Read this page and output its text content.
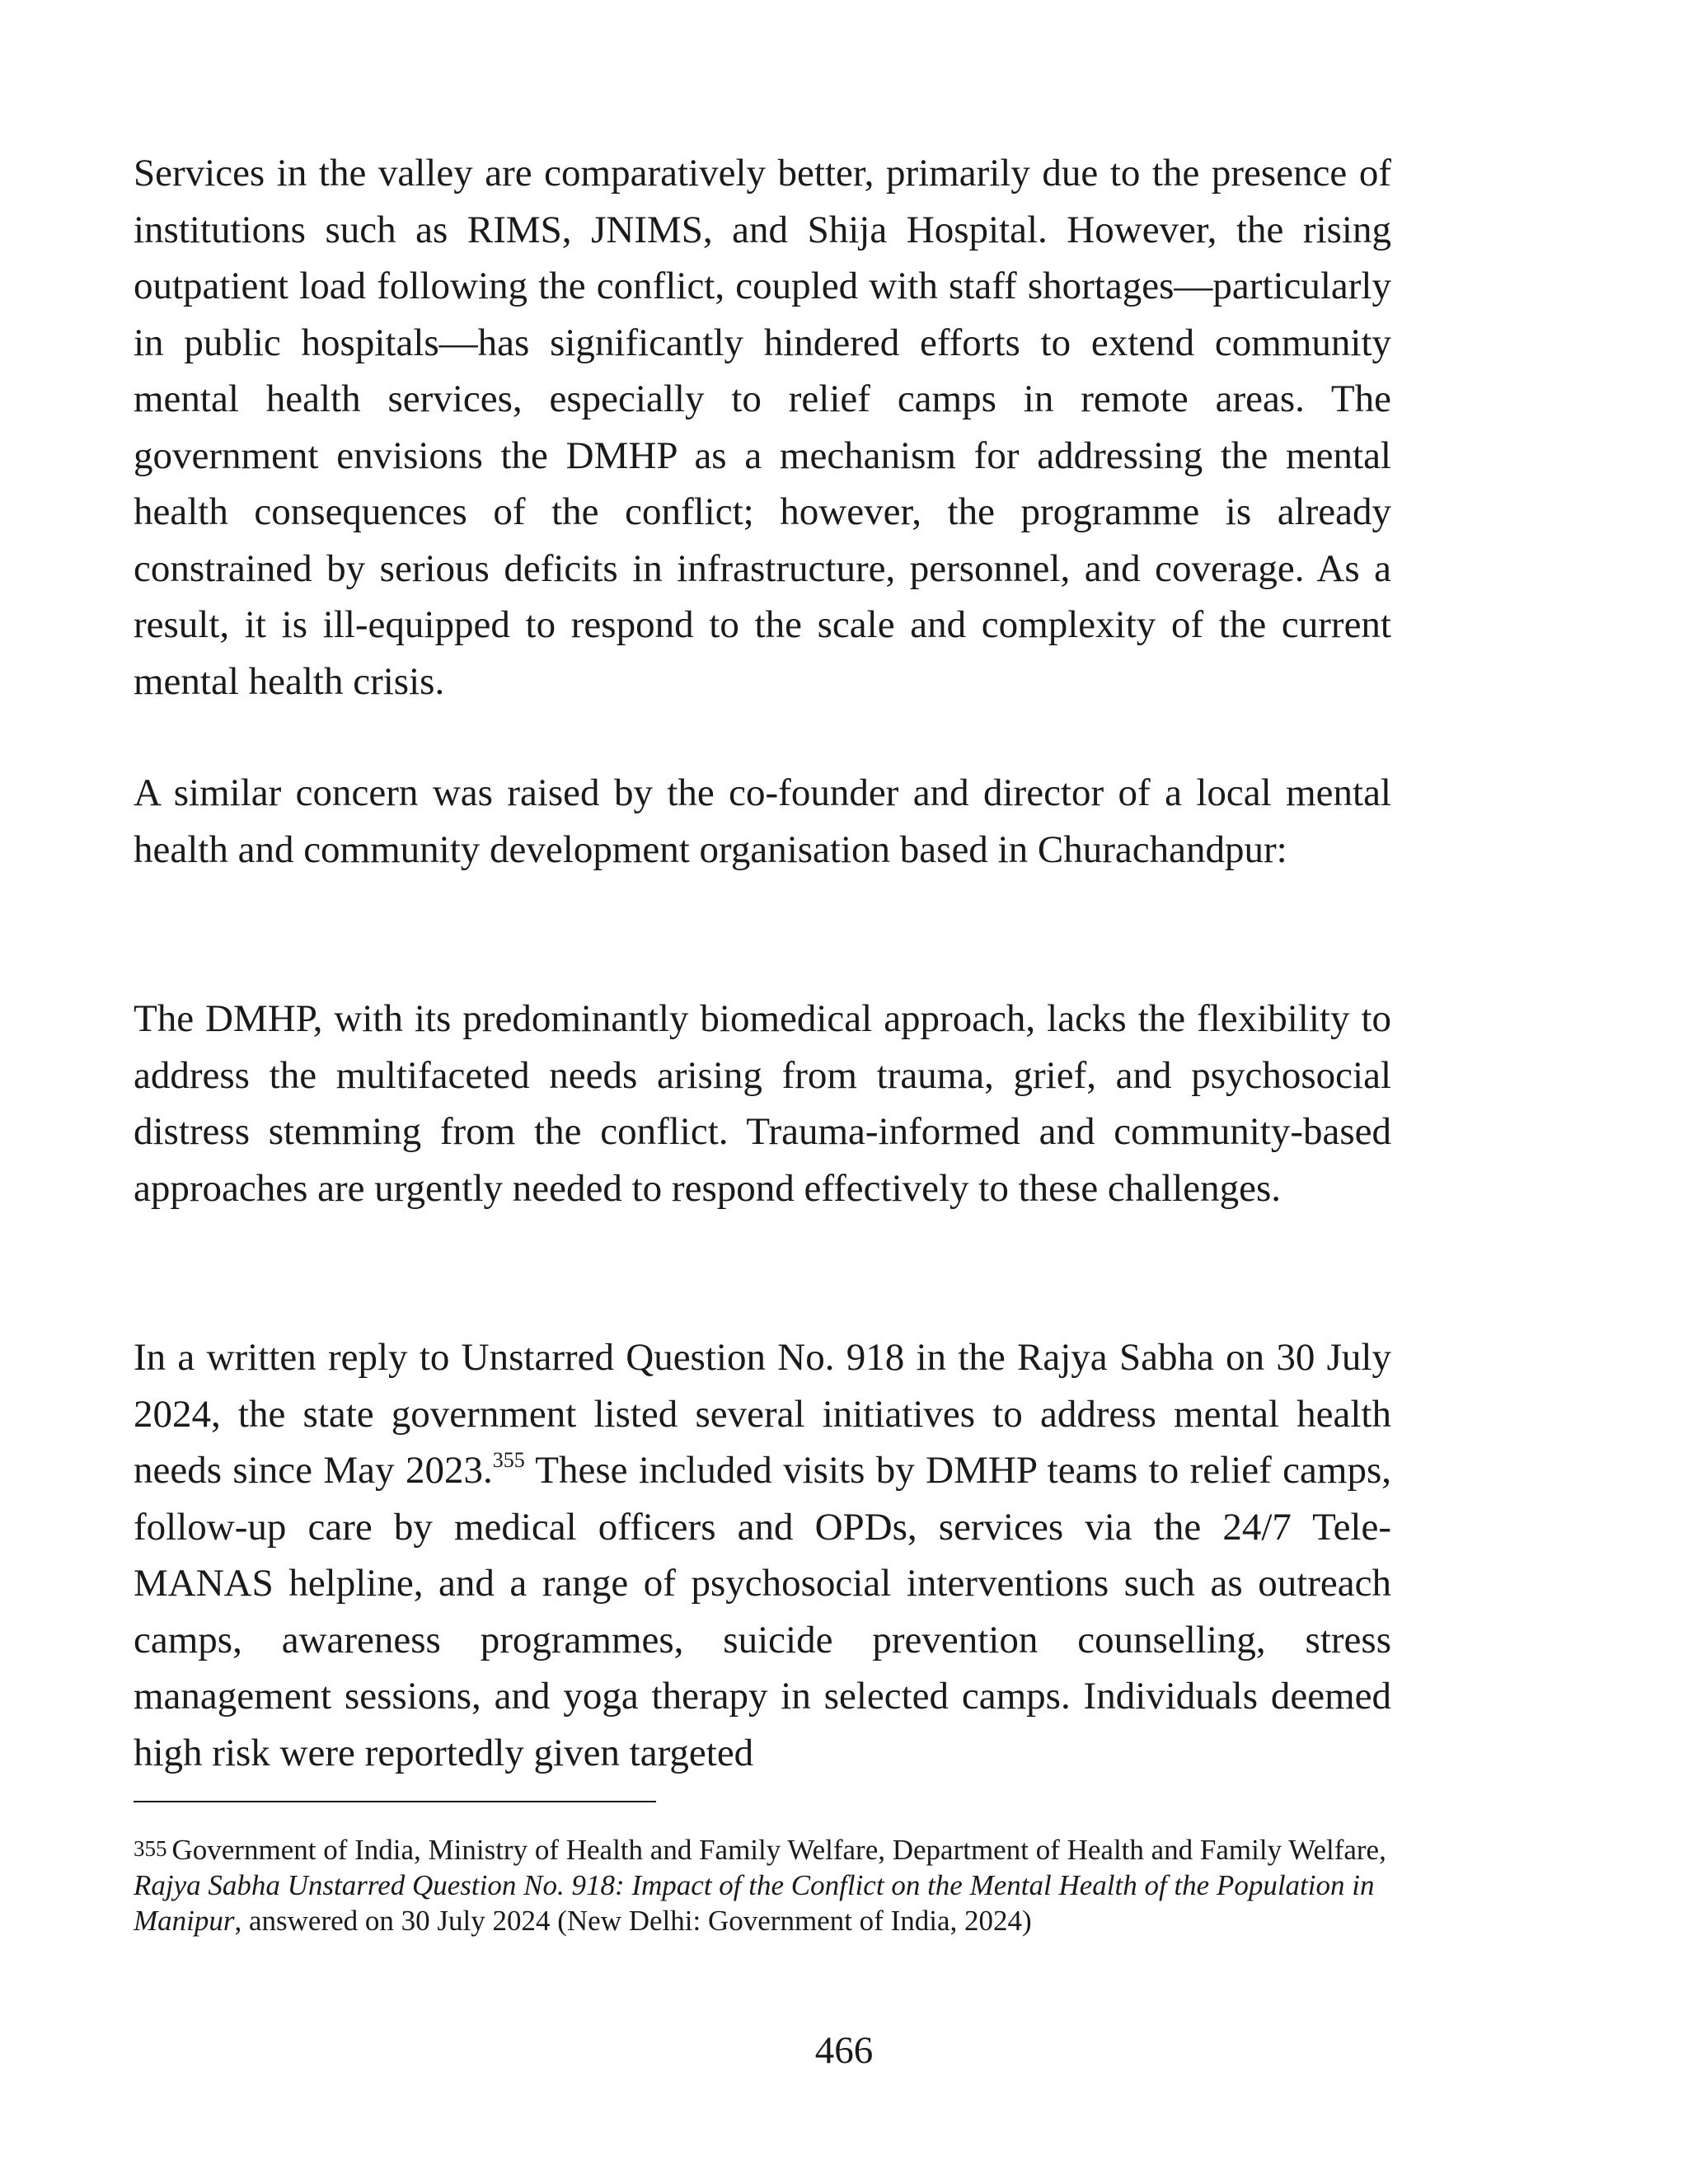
Services in the valley are comparatively better, primarily due to the presence of institutions such as RIMS, JNIMS, and Shija Hospital. However, the rising outpatient load following the conflict, coupled with staff shortages—particularly in public hospitals—has significantly hindered efforts to extend community mental health services, especially to relief camps in remote areas. The government envisions the DMHP as a mechanism for addressing the mental health consequences of the conflict; however, the programme is already constrained by serious deficits in infrastructure, personnel, and coverage. As a result, it is ill-equipped to respond to the scale and complexity of the current mental health crisis.

A similar concern was raised by the co-founder and director of a local mental health and community development organisation based in Churachandpur:

The DMHP, with its predominantly biomedical approach, lacks the flexibility to address the multifaceted needs arising from trauma, grief, and psychosocial distress stemming from the conflict. Trauma-informed and community-based approaches are urgently needed to respond effectively to these challenges.

In a written reply to Unstarred Question No. 918 in the Rajya Sabha on 30 July 2024, the state government listed several initiatives to address mental health needs since May 2023.$^{355}$ These included visits by DMHP teams to relief camps, follow-up care by medical officers and OPDs, services via the 24/7 Tele-MANAS helpline, and a range of psychosocial interventions such as outreach camps, awareness programmes, suicide prevention counselling, stress management sessions, and yoga therapy in selected camps. Individuals deemed high risk were reportedly given targeted

355 Government of India, Ministry of Health and Family Welfare, Department of Health and Family Welfare, Rajya Sabha Unstarred Question No. 918: Impact of the Conflict on the Mental Health of the Population in Manipur, answered on 30 July 2024 (New Delhi: Government of India, 2024)

466
